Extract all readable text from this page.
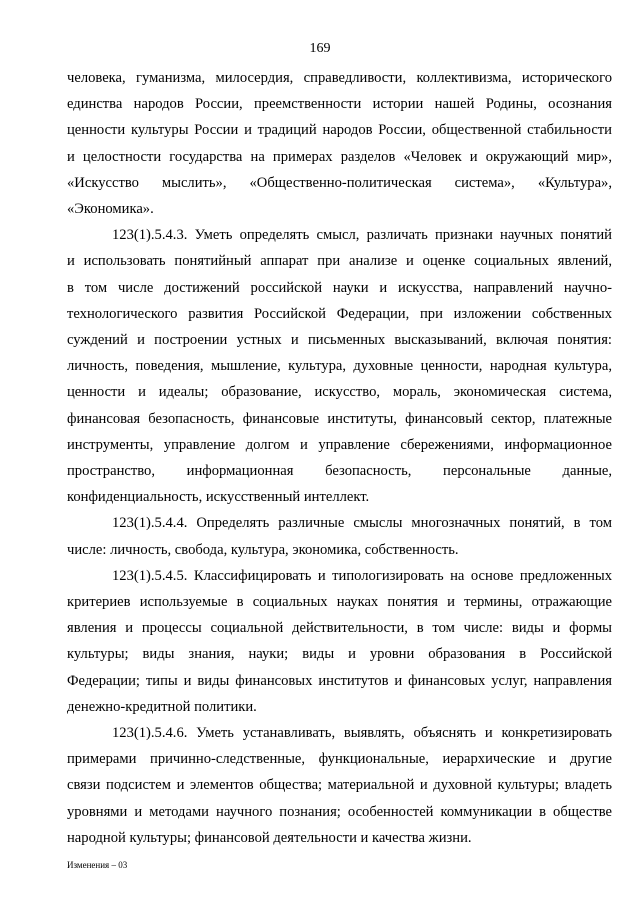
169
человека, гуманизма, милосердия, справедливости, коллективизма, исторического
единства народов России, преемственности истории нашей Родины, осознания
ценности культуры России и традиций народов России, общественной стабильности
и целостности государства на примерах разделов «Человек и окружающий мир»,
«Искусство мыслить», «Общественно-политическая система», «Культура»,
«Экономика».
123(1).5.4.3. Уметь определять смысл, различать признаки научных понятий
и использовать понятийный аппарат при анализе и оценке социальных явлений,
в том числе достижений российской науки и искусства, направлений научно-
технологического развития Российской Федерации, при изложении собственных
суждений и построении устных и письменных высказываний, включая понятия:
личность, поведения, мышление, культура, духовные ценности, народная культура,
ценности и идеалы; образование, искусство, мораль, экономическая система,
финансовая безопасность, финансовые институты, финансовый сектор, платежные
инструменты, управление долгом и управление сбережениями, информационное
пространство, информационная безопасность, персональные данные,
конфиденциальность, искусственный интеллект.
123(1).5.4.4. Определять различные смыслы многозначных понятий, в том
числе: личность, свобода, культура, экономика, собственность.
123(1).5.4.5. Классифицировать и типологизировать на основе предложенных
критериев используемые в социальных науках понятия и термины, отражающие
явления и процессы социальной действительности, в том числе: виды и формы
культуры; виды знания, науки; виды и уровни образования в Российской
Федерации; типы и виды финансовых институтов и финансовых услуг, направления
денежно-кредитной политики.
123(1).5.4.6. Уметь устанавливать, выявлять, объяснять и конкретизировать
примерами причинно-следственные, функциональные, иерархические и другие
связи подсистем и элементов общества; материальной и духовной культуры; владеть
уровнями и методами научного познания; особенностей коммуникации в обществе
народной культуры; финансовой деятельности и качества жизни.
Изменения – 03
